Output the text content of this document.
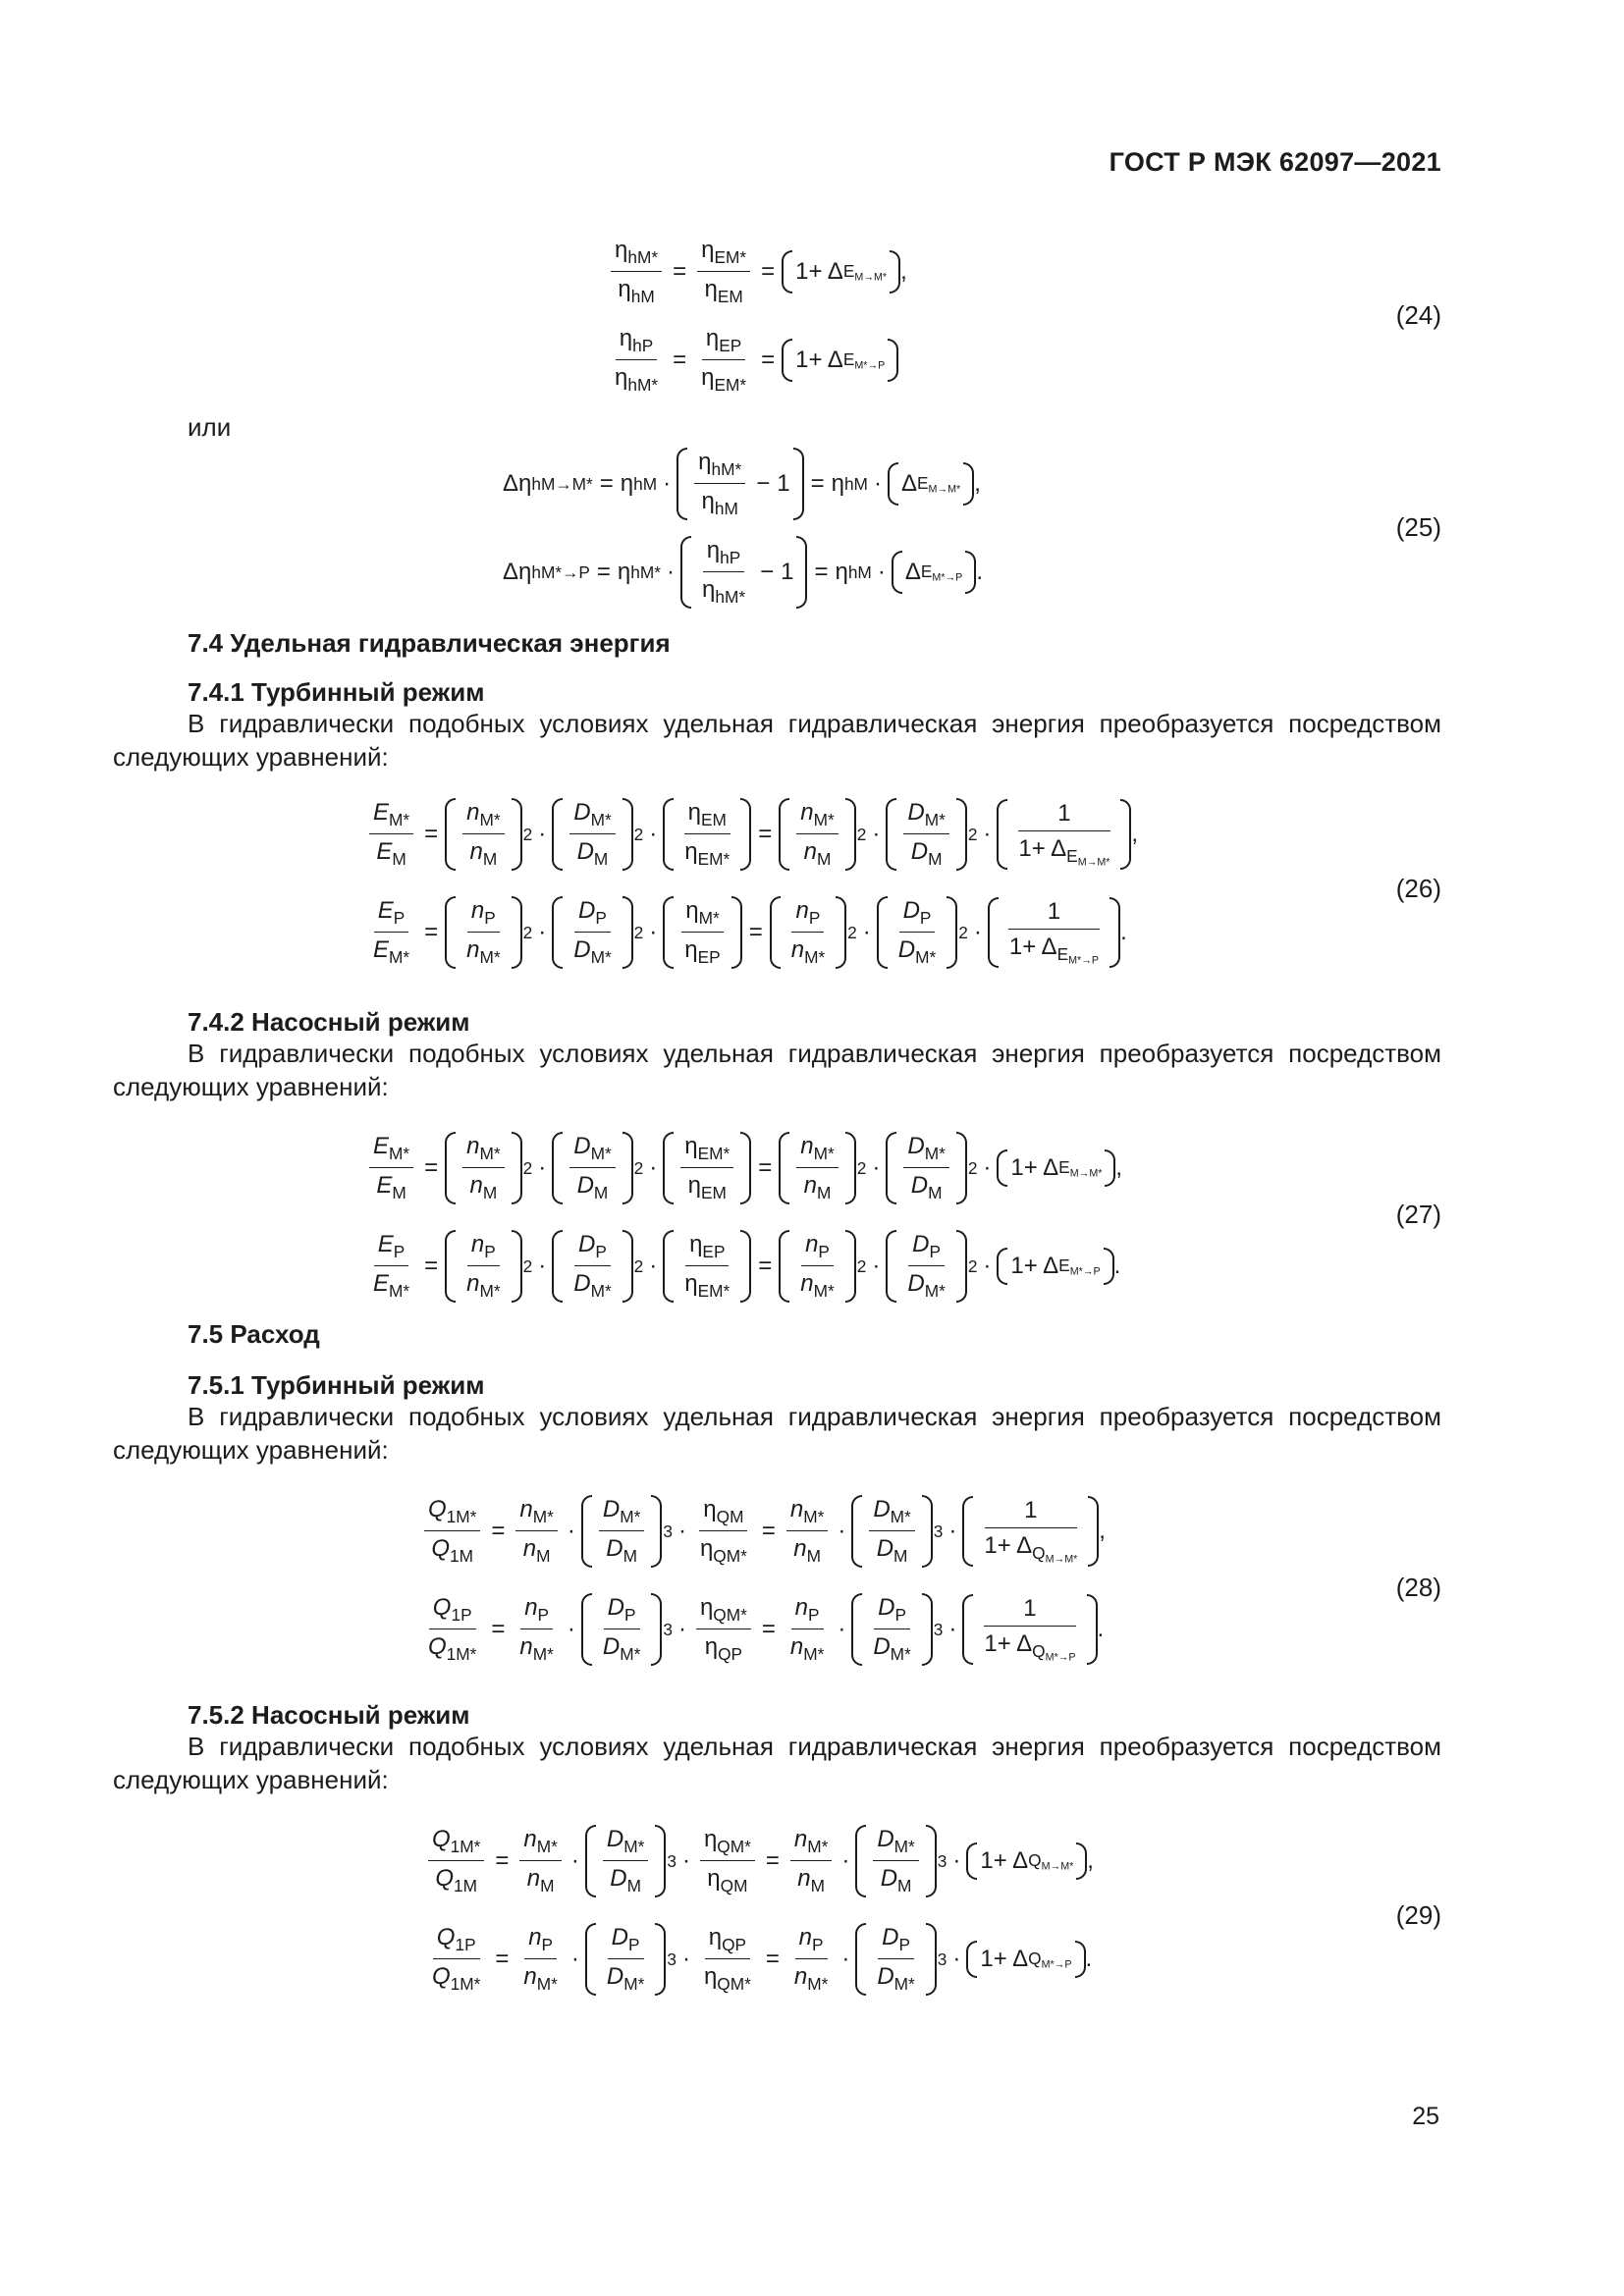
ГОСТ Р МЭК 62097—2021
$\eta_{hM*}$
$\eta_{hM}$
=
$\eta_{EM*}$
$\eta_{EM}$
= 1+ Δ $E_{M\to M*}$ ,
$\eta_{hP}$
$\eta_{hM*}$
=
$\eta_{EP}$
$\eta_{EM*}$
= 1+ Δ $E_{M*\to P}$
(24)
или
Δη hM→M* = η hM ·
$\eta_{hM*}$
$\eta_{hM}$
− 1 = η hM · Δ $E_{M\to M*}$ ,
Δη hM*→P = η hM* ·
$\eta_{hP}$
$\eta_{hM*}$
− 1 = η hM · Δ $E_{M*\to P}$ .
(25)
7.4 Удельная гидравлическая энергия
7.4.1 Турбинный режим
В гидравлически подобных условиях удельная гидравлическая энергия преобразуется посредством следующих уравнений:
$\frac{E_{M*}}{E_M}$ =
$n_{M*}$
$n_M$
2 ·
$D_{M*}$
$D_M$
2 ·
$\eta_{EM}$
$\eta_{EM*}$
=
$n_{M*}$
$n_M$
2 ·
$D_{M*}$
$D_M$
2 ·
1
$1+ \Delta_{E_{M\to M*}}$
,
$\frac{E_P}{E_{M*}}$ =
$n_P$
$n_{M*}$
2 ·
$D_P$
$D_{M*}$
2 ·
$\eta_{M*}$
$\eta_{EP}$
=
$n_P$
$n_{M*}$
2 ·
$D_P$
$D_{M*}$
2 ·
1
$1+ \Delta_{E_{M*\to P}}$
.
(26)
7.4.2 Насосный режим
В гидравлически подобных условиях удельная гидравлическая энергия преобразуется посредством следующих уравнений:
$\frac{E_{M*}}{E_M}$ =
$n_{M*}$
$n_M$
2 ·
$D_{M*}$
$D_M$
2 ·
$\eta_{EM*}$
$\eta_{EM}$
=
$n_{M*}$
$n_M$
2 ·
$D_{M*}$
$D_M$
2 · 1+ Δ $E_{M\to M*}$ ,
$\frac{E_P}{E_{M*}}$ =
$n_P$
$n_{M*}$
2 ·
$D_P$
$D_{M*}$
2 ·
$\eta_{EP}$
$\eta_{EM*}$
=
$n_P$
$n_{M*}$
2 ·
$D_P$
$D_{M*}$
2 · 1+ Δ $E_{M*\to P}$ .
(27)
7.5 Расход
7.5.1 Турбинный режим
В гидравлически подобных условиях удельная гидравлическая энергия преобразуется посредством следующих уравнений:
$\frac{Q_{1M*}}{Q_{1M}} = \frac{n_{M*}}{n_M}$ ·
$D_{M*}$
$D_M$
3 ·
$\eta_{QM}$
$\eta_{QM*}$
= $\frac{n_{M*}}{n_M}$ ·
$D_{M*}$
$D_M$
3 ·
1
$1+ \Delta_{Q_{M\to M*}}$
,
$\frac{Q_{1P}}{Q_{1M*}} = \frac{n_P}{n_{M*}}$ ·
$D_P$
$D_{M*}$
3 ·
$\eta_{QM*}$
$\eta_{QP}$
= $\frac{n_P}{n_{M*}}$ ·
$D_P$
$D_{M*}$
3 ·
1
$1+ \Delta_{Q_{M*\to P}}$
.
(28)
7.5.2 Насосный режим
В гидравлически подобных условиях удельная гидравлическая энергия преобразуется посредством следующих уравнений:
$\frac{Q_{1M*}}{Q_{1M}} = \frac{n_{M*}}{n_M}$ ·
$D_{M*}$
$D_M$
3 ·
$\eta_{QM*}$
$\eta_{QM}$
= $\frac{n_{M*}}{n_M}$ ·
$D_{M*}$
$D_M$
3 · 1+ Δ $Q_{M\to M*}$ ,
$\frac{Q_{1P}}{Q_{1M*}} = \frac{n_P}{n_{M*}}$ ·
$D_P$
$D_{M*}$
3 ·
$\eta_{QP}$
$\eta_{QM*}$
= $\frac{n_P}{n_{M*}}$ ·
$D_P$
$D_{M*}$
3 · 1+ Δ $Q_{M*\to P}$ .
(29)
25
